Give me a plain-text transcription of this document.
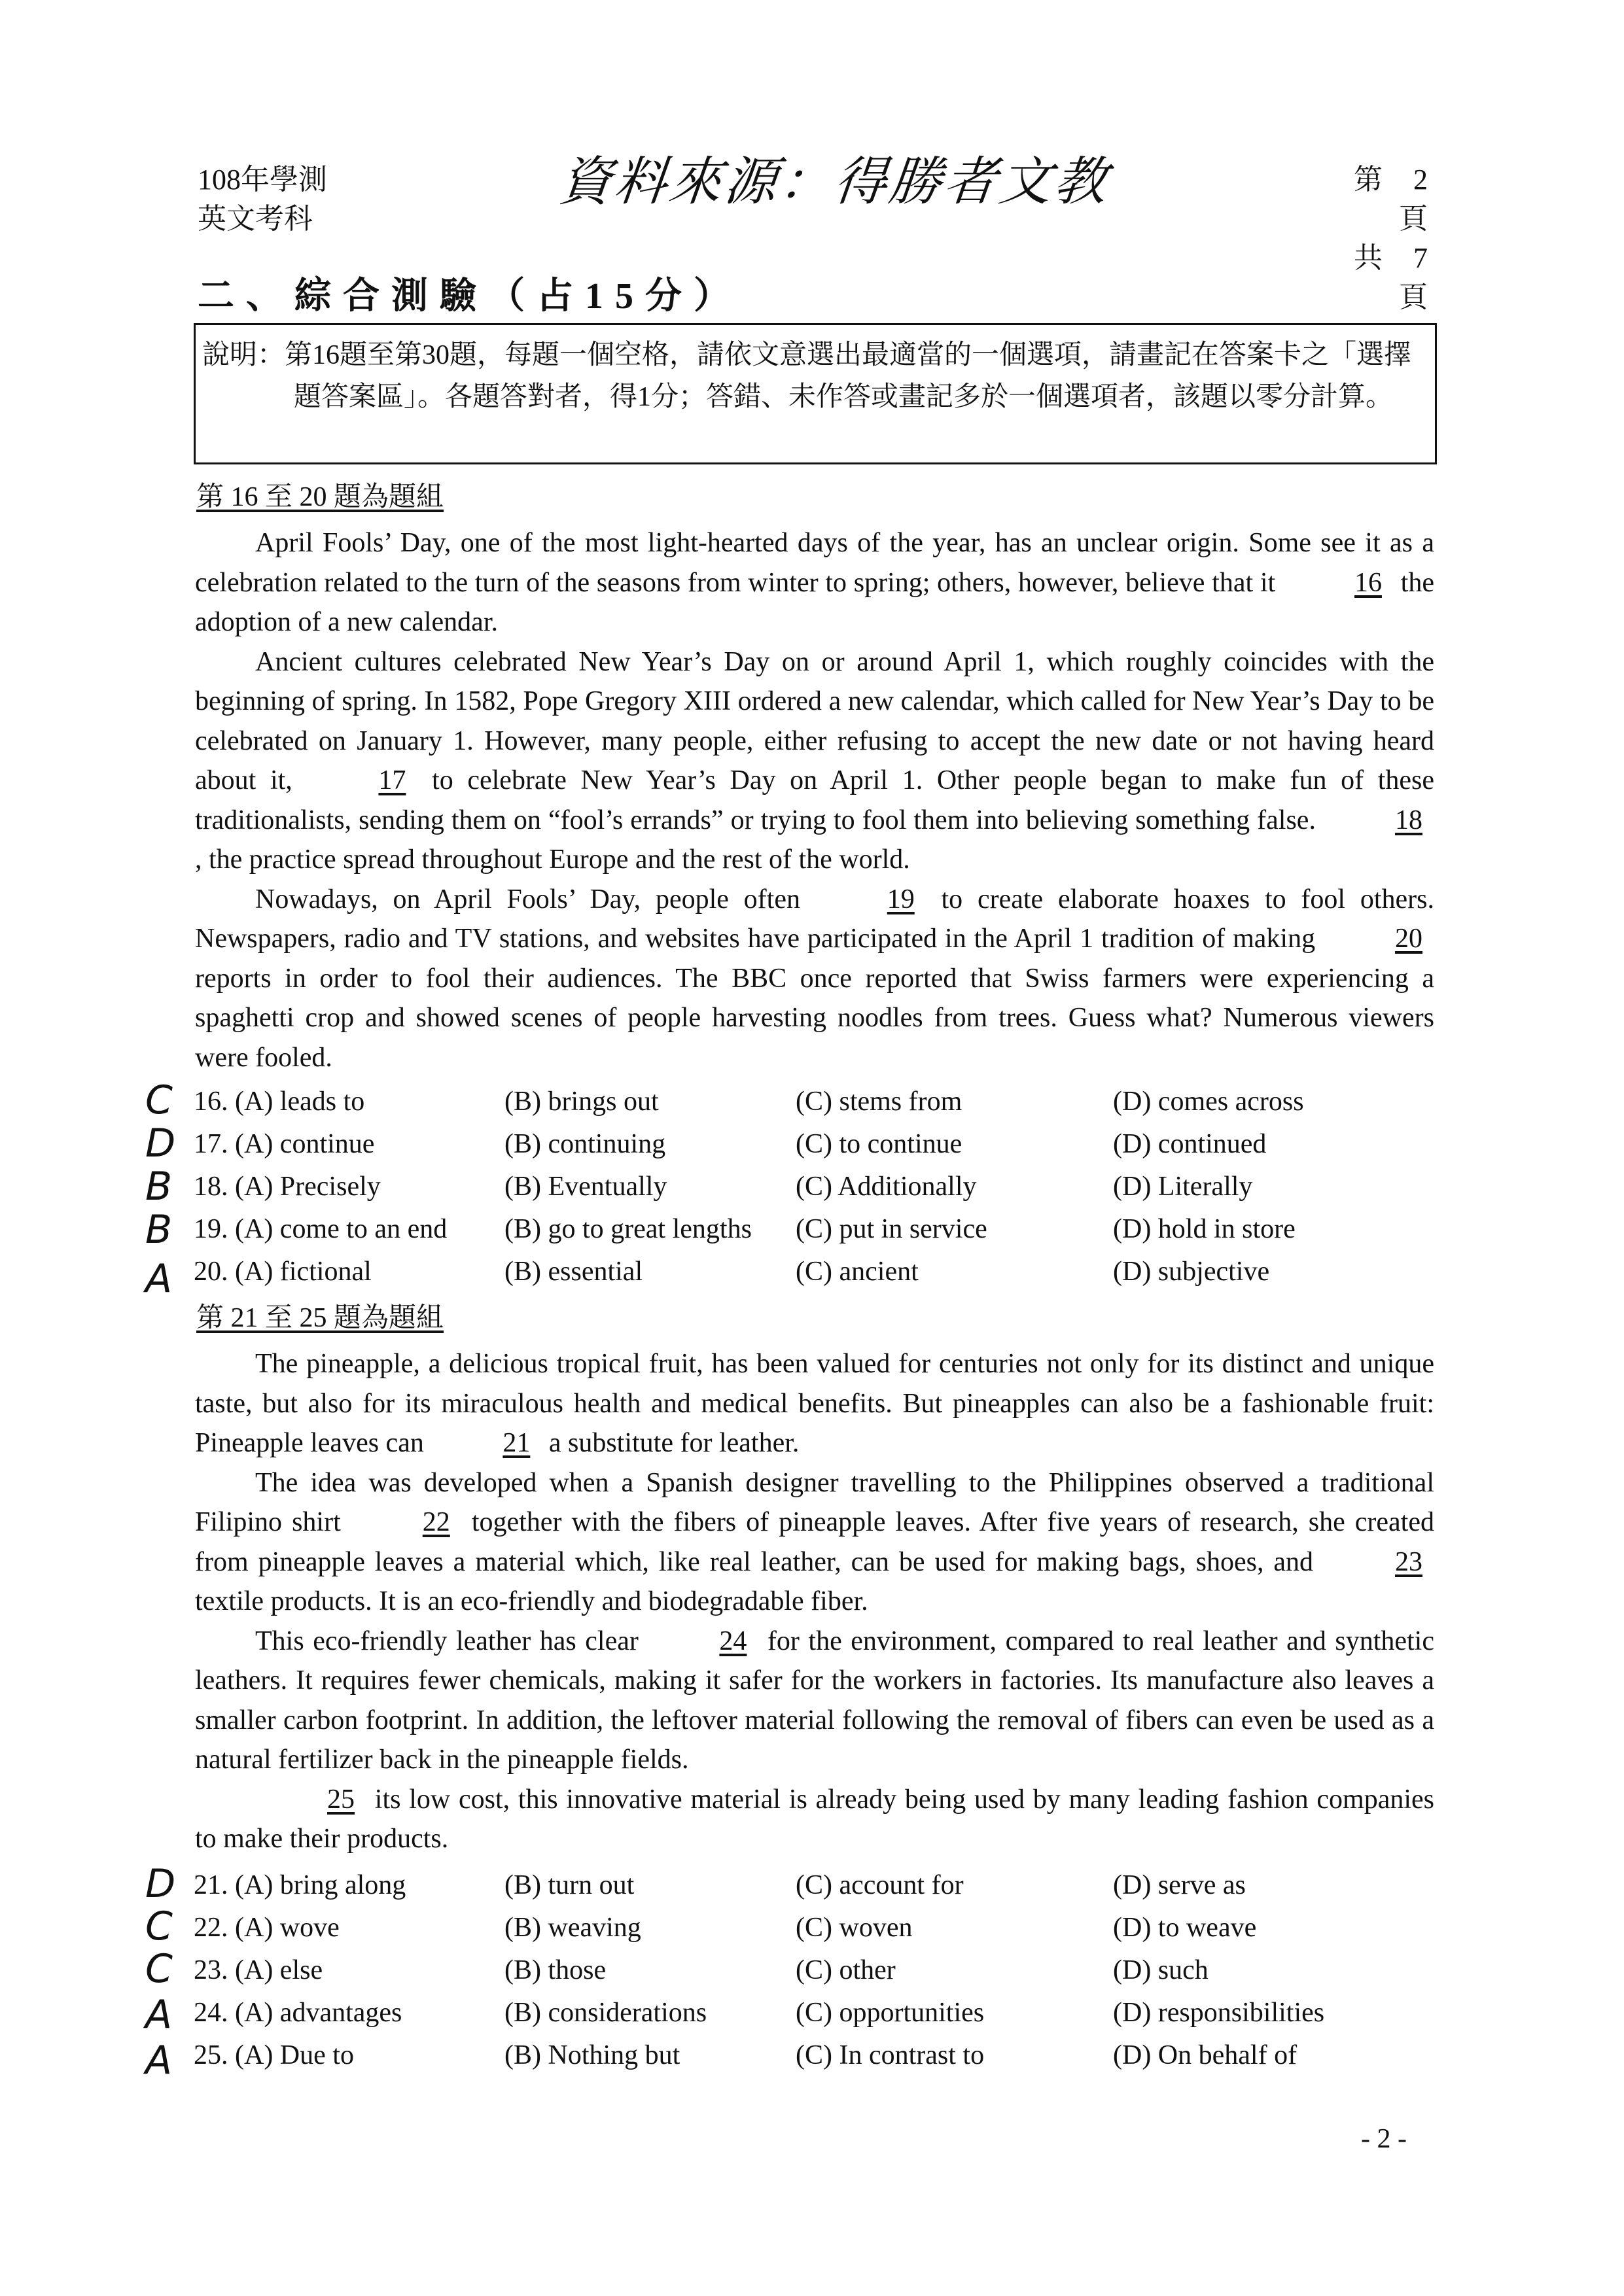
108年學測
英文考科
資料來源：得勝者文教	第 2 頁
共 7 頁
二、綜合測驗（占15分）
說明：第16題至第30題，每題一個空格，請依文意選出最適當的一個選項，請畫記在答案卡之「選擇題答案區」。各題答對者，得1分；答錯、未作答或畫記多於一個選項者，該題以零分計算。
第 16 至 20 題為題組

April Fools’ Day, one of the most light-hearted days of the year, has an unclear origin. Some see it as a celebration related to the turn of the seasons from winter to spring; others, however, believe that it	16 the adoption of a new calendar.

Ancient cultures celebrated New Year’s Day on or around April 1, which roughly coincides with the beginning of spring. In 1582, Pope Gregory XIII ordered a new calendar, which called for New Year’s Day to be celebrated on January 1. However, many people, either refusing to accept the new date or not having heard about it,	17 to celebrate New Year’s Day on April 1. Other people began to make fun of these traditionalists, sending them on “fool’s errands” or trying to fool them into believing something false.	18, the practice spread throughout Europe and the rest of the world.

Nowadays, on April Fools’ Day, people often	19 to create elaborate hoaxes to fool others. Newspapers, radio and TV stations, and websites have participated in the April 1 tradition of making	20 reports in order to fool their audiences. The BBC once reported that Swiss farmers were experiencing a spaghetti crop and showed scenes of people harvesting noodles from trees. Guess what? Numerous viewers were fooled.

16. (A) leads to	(B) brings out	(C) stems from	(D) comes across
17. (A) continue	(B) continuing	(C) to continue	(D) continued
18. (A) Precisely	(B) Eventually	(C) Additionally	(D) Literally
19. (A) come to an end	(B) go to great lengths	(C) put in service	(D) hold in store
20. (A) fictional	(B) essential	(C) ancient	(D) subjective
C
D
B
B
A
第 21 至 25 題為題組

The pineapple, a delicious tropical fruit, has been valued for centuries not only for its distinct and unique taste, but also for its miraculous health and medical benefits. But pineapples can also be a fashionable fruit: Pineapple leaves can	21 a substitute for leather.

The idea was developed when a Spanish designer travelling to the Philippines observed a traditional Filipino shirt	22 together with the fibers of pineapple leaves. After five years of research, she created from pineapple leaves a material which, like real leather, can be used for making bags, shoes, and	23 textile products. It is an eco-friendly and biodegradable fiber.

This eco-friendly leather has clear	24 for the environment, compared to real leather and synthetic leathers. It requires fewer chemicals, making it safer for the workers in factories. Its manufacture also leaves a smaller carbon footprint. In addition, the leftover material following the removal of fibers can even be used as a natural fertilizer back in the pineapple fields.

25 its low cost, this innovative material is already being used by many leading fashion companies to make their products.

21. (A) bring along	(B) turn out	(C) account for	(D) serve as
22. (A) wove	(B) weaving	(C) woven	(D) to weave
23. (A) else	(B) those	(C) other	(D) such
24. (A) advantages	(B) considerations	(C) opportunities	(D) responsibilities
25. (A) Due to	(B) Nothing but	(C) In contrast to	(D) On behalf of
D
C
C
A
A
- 2 -
